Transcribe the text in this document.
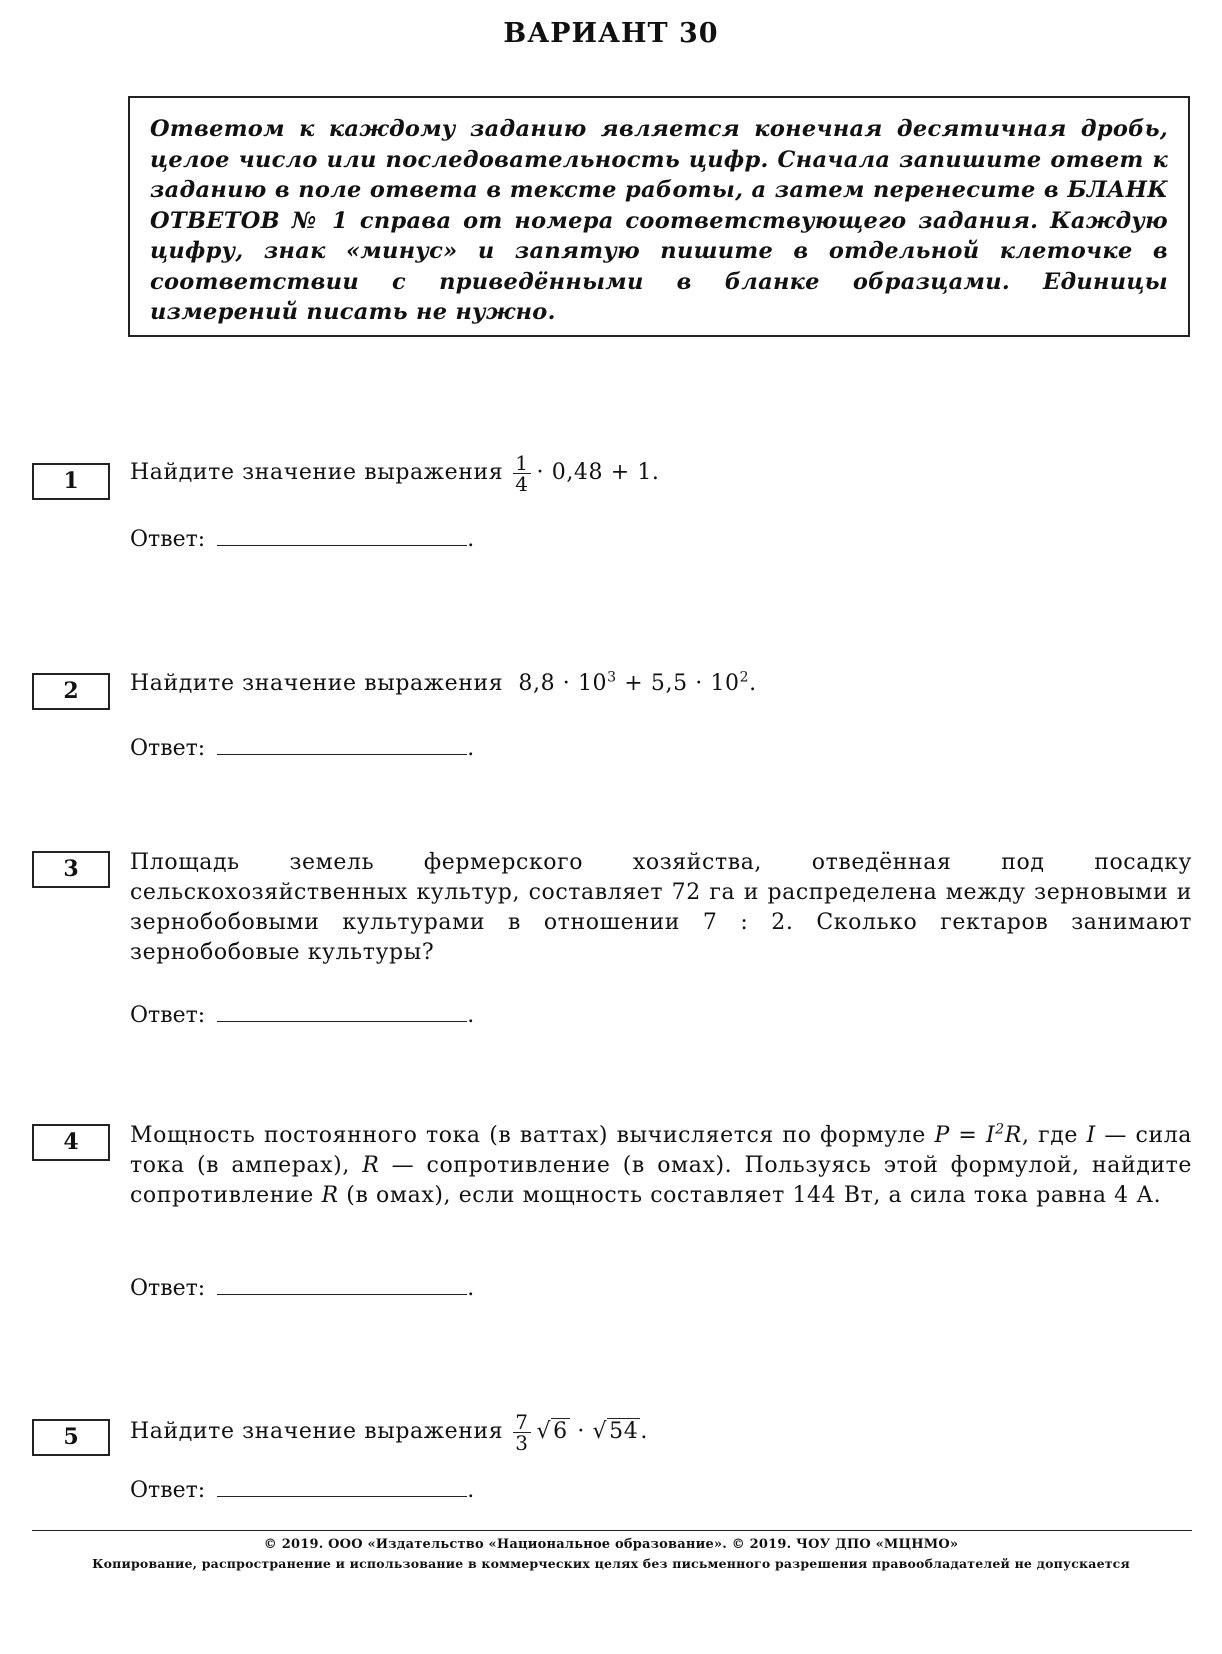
ВАРИАНТ 30
Ответом к каждому заданию является конечная десятичная дробь, целое число или последовательность цифр. Сначала запишите ответ к заданию в поле ответа в тексте работы, а затем перенесите в БЛАНК ОТВЕТОВ № 1 справа от номера соответствующего задания. Каждую цифру, знак «минус» и запятую пишите в отдельной клеточке в соответствии с приведёнными в бланке образцами. Единицы измерений писать не нужно.
1	Найдите значение выражения $\frac{1}{4} \cdot 0,48 + 1$.
Ответ:	.
2	Найдите значение выражения $8,8 \cdot 10^3 + 5,5 \cdot 10^2$.
Ответ:	.
3	Площадь земель фермерского хозяйства, отведённая под посадку сельскохозяйственных культур, составляет 72 га и распределена между зерновыми и зернобобовыми культурами в отношении 7 : 2. Сколько гектаров занимают зернобобовые культуры?
Ответ:	.
4	Мощность постоянного тока (в ваттах) вычисляется по формуле $P = I^2R$, где I — сила тока (в амперах), R — сопротивление (в омах). Пользуясь этой формулой, найдите сопротивление R (в омах), если мощность составляет 144 Вт, а сила тока равна 4 А.
Ответ:	.
5	Найдите значение выражения $\frac{7}{3} √6 \cdot √54$.
Ответ:	.
© 2019. ООО «Издательство «Национальное образование». © 2019. ЧОУ ДПО «МЦНМО»
Копирование, распространение и использование в коммерческих целях без письменного разрешения правообладателей не допускается
